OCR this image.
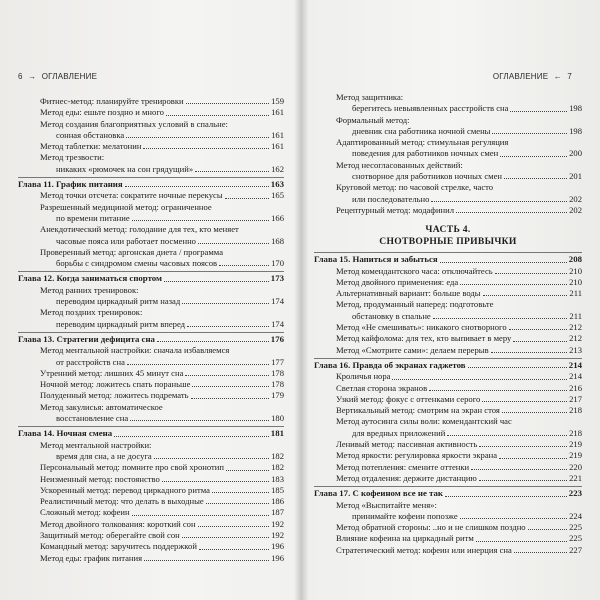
6 → ОГЛАВЛЕНИЕ
Фитнес-метод: планируйте тренировки	159
Метод еды: ешьте поздно и много	161
Метод создания благоприятных условий в спальне:
сонная обстановка	161
Метод таблетки: мелатонин	161
Метод трезвости:
никаких «рюмочек на сон грядущий»	162
Глава 11. График питания	163
Метод точки отсчета: сократите ночные перекусы	165
Разрешенный медициной метод: ограниченное
по времени питание	166
Анекдотический метод: голодание для тех, кто меняет
часовые пояса или работает посменно	168
Проверенный метод: аргонская диета / программа
борьбы с синдромом смены часовых поясов	170
Глава 12. Когда заниматься спортом	173
Метод ранних тренировок:
переводим циркадный ритм назад	174
Метод поздних тренировок:
переводим циркадный ритм вперед	174
Глава 13. Стратегии дефицита сна	176
Метод ментальной настройки: сначала избавляемся
от расстройств сна	177
Утренний метод: лишних 45 минут сна	178
Ночной метод: ложитесь спать пораньше	178
Полуденный метод: ложитесь подремать	179
Метод закулисья: автоматическое
восстановление сна	180
Глава 14. Ночная смена	181
Метод ментальной настройки:
время для сна, а не досуга	182
Персональный метод: помните про свой хронотип	182
Неизменный метод: постоянство	183
Ускоренный метод: перевод циркадного ритма	185
Реалистичный метод: что делать в выходные	186
Сложный метод: кофеин	187
Метод двойного толкования: короткий сон	192
Защитный метод: оберегайте свой сон	192
Командный метод: заручитесь поддержкой	196
Метод еды: график питания	196
ОГЛАВЛЕНИЕ ← 7
Метод защитника:
берегитесь невыявленных расстройств сна	198
Формальный метод:
дневник сна работника ночной смены	198
Адаптированный метод: стимульная регуляция
поведения для работников ночных смен	200
Метод несогласованных действий:
снотворное для работников ночных смен	201
Круговой метод: по часовой стрелке, часто
или последовательно	202
Рецептурный метод: модафинил	202
ЧАСТЬ 4.
СНОТВОРНЫЕ ПРИВЫЧКИ
Глава 15. Напиться и забыться	208
Метод комендантского часа: отключайтесь	210
Метод двойного применения: еда	210
Альтернативный вариант: больше воды	211
Метод, продуманный наперед: подготовьте
обстановку в спальне	211
Метод «Не смешивать»: никакого снотворного	212
Метод кайфолома: для тех, кто выпивает в меру	212
Метод «Смотрите сами»: делаем перерыв	213
Глава 16. Правда об экранах гаджетов	214
Кроличья нора	214
Светлая сторона экранов	216
Узкий метод: фокус с оттенками серого	217
Вертикальный метод: смотрим на экран стоя	218
Метод аутосинга силы воли: комендантский час
для вредных приложений	218
Ленивый метод: пассивная активность	219
Метод яркости: регулировка яркости экрана	219
Метод потепления: смените оттенки	220
Метод отдаления: держите дистанцию	221
Глава 17. С кофеином все не так	223
Метод «Выспитайте меня»:
принимайте кофеин попозже	224
Метод обратной стороны: ..но и не слишком поздно	225
Влияние кофеина на циркадный ритм	225
Стратегический метод: кофеин или инерция сна	227
